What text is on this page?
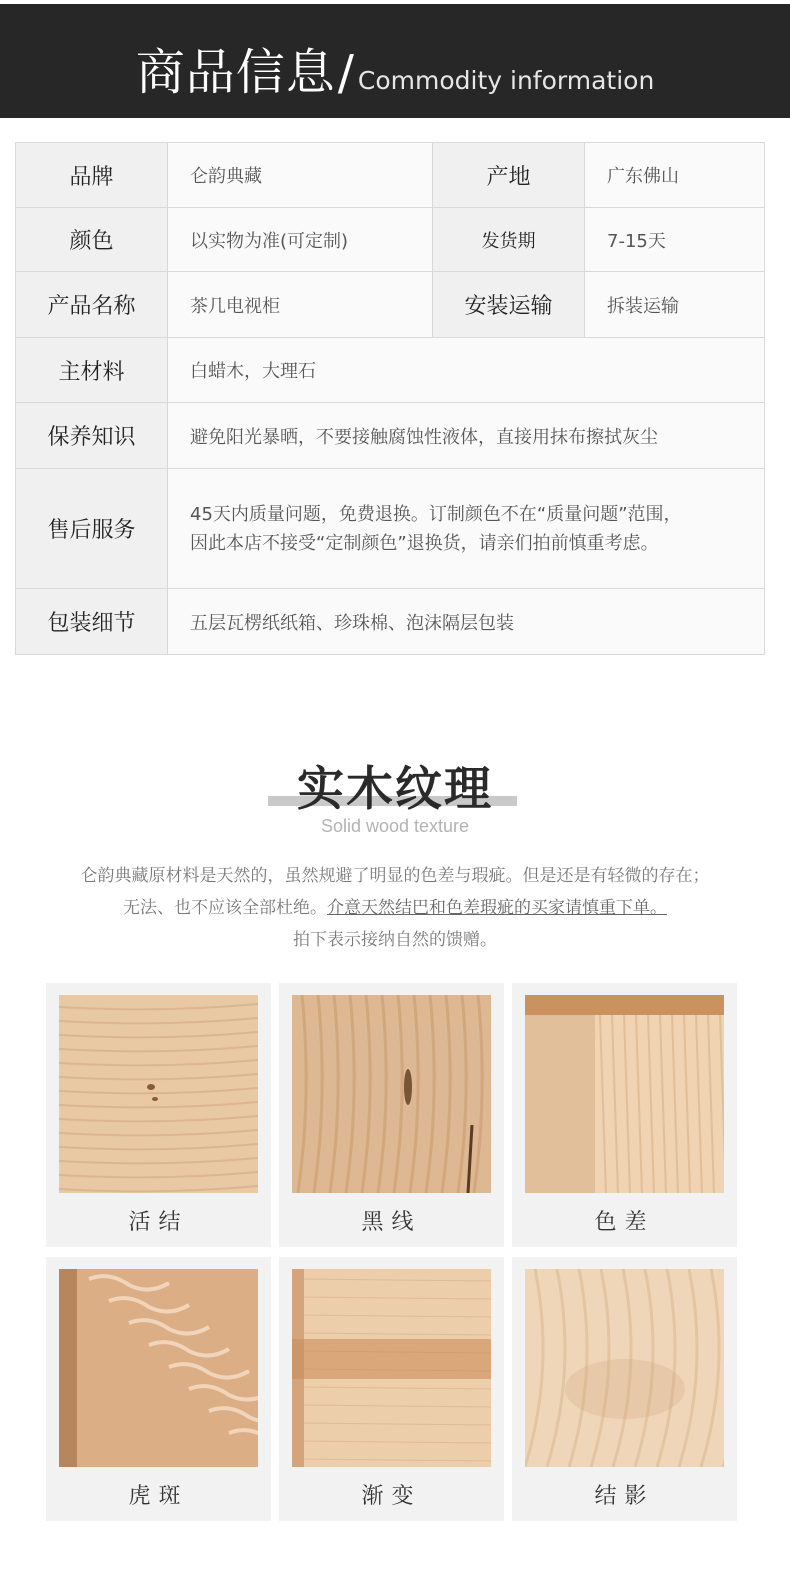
商品信息/ Commodity information
品牌	仑韵典藏	产地	广东佛山
颜色	以实物为准(可定制)	发货期	7-15天
产品名称	茶几电视柜	安装运输	拆装运输
主材料	白蜡木，大理石		
保养知识	避免阳光暴晒，不要接触腐蚀性液体，直接用抹布擦拭灰尘		
售后服务	45天内质量问题，免费退换。订制颜色不在“质量问题”范围，
因此本店不接受“定制颜色”退换货，请亲们拍前慎重考虑。		

包装细节	五层瓦楞纸纸箱、珍珠棉、泡沫隔层包装		
实木纹理
Solid wood texture
仑韵典藏原材料是天然的，虽然规避了明显的色差与瑕疵。但是还是有轻微的存在；
无法、也不应该全部杜绝。介意天然结巴和色差瑕疵的买家请慎重下单。
拍下表示接纳自然的馈赠。
活结	黑线	色差
虎斑	渐变	结影
